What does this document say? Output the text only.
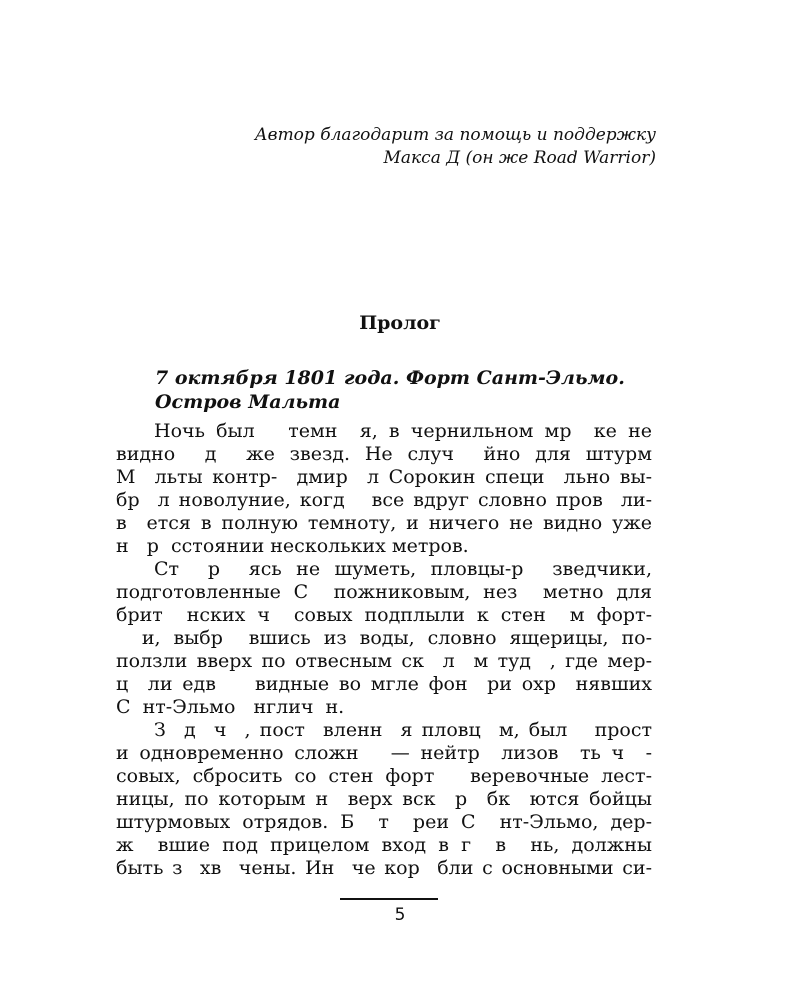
Автор благодарит за помощь и поддержку
Макса Д (он же Road Warrior)
Пролог
7 октября 1801 года. Форт Сант-Эльмо.
Остров Мальта
Ночь был   темн  я, в чернильном мр  ке не
видно  д  же звезд. Не случ  йно для штурм
М  льты контр-  дмир  л Сорокин специ  льно вы-
бр  л новолуние, когд   все вдруг словно пров  ли-
в  ется в полную темноту, и ничего не видно уже
н   р  сстоянии нескольких метров.
Ст  р  ясь не шуметь, пловцы-р  зведчики,
подготовленные С  пожниковым, нез  метно для
брит  нских ч  совых подплыли к стен  м форт-
и, выбр  вшись из воды, словно ящерицы, по-
ползли вверх по отвесным ск  л  м туд  , где мер-
ц  ли едв    видные во мгле фон  ри охр  нявших
С  нт-Эльмо   нглич  н.
З  д  ч  , пост  вленн  я пловц  м, был   прост
и одновременно сложн   — нейтр  лизов  ть ч  -
совых, сбросить со стен форт   веревочные лест-
ницы, по которым н  верх вск  р  бк  ются бойцы
штурмовых отрядов. Б  т  реи С  нт-Эльмо, дер-
ж  вшие под прицелом вход в г  в  нь, должны
быть з  хв  чены. Ин  че кор  бли с основными си-
5
